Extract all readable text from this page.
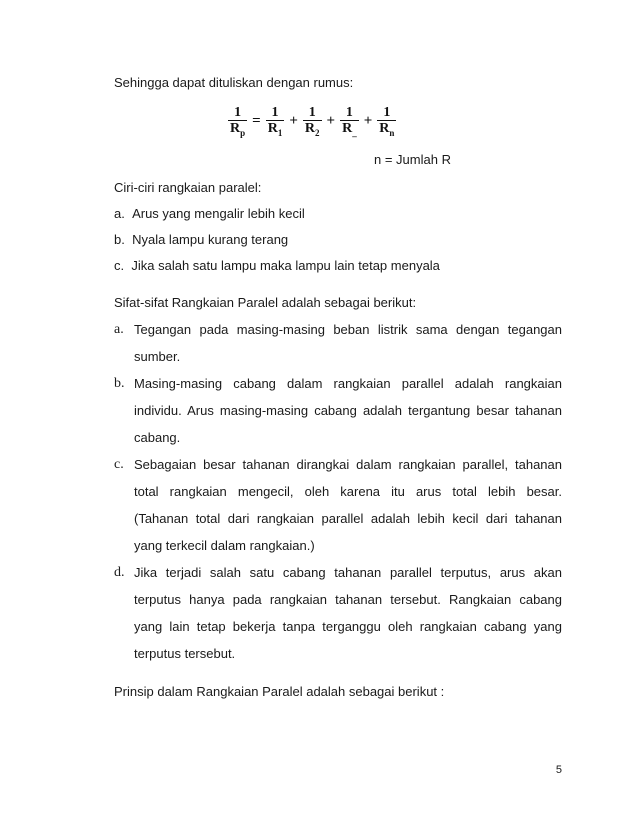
Sehingga dapat dituliskan dengan rumus:
$\frac{1}{R_p} = \frac{1}{R_1} + \frac{1}{R_2} + \frac{1}{R_{\_}} + \frac{1}{R_n}$
n = Jumlah R
Ciri-ciri rangkaian paralel:
a. Arus yang mengalir lebih kecil
b. Nyala lampu kurang terang
c. Jika salah satu lampu maka lampu lain tetap menyala
Sifat-sifat Rangkaian Paralel adalah sebagai berikut:
a. Tegangan pada masing-masing beban listrik sama dengan tegangan
sumber.
b. Masing-masing cabang dalam rangkaian parallel adalah rangkaian
individu. Arus masing-masing cabang adalah tergantung besar tahanan
cabang.
c. Sebagaian besar tahanan dirangkai dalam rangkaian parallel, tahanan
total rangkaian mengecil, oleh karena itu arus total lebih besar.
(Tahanan total dari rangkaian parallel adalah lebih kecil dari tahanan
yang terkecil dalam rangkaian.)
d. Jika terjadi salah satu cabang tahanan parallel terputus, arus akan
terputus hanya pada rangkaian tahanan tersebut. Rangkaian cabang
yang lain tetap bekerja tanpa terganggu oleh rangkaian cabang yang
terputus tersebut.
Prinsip dalam Rangkaian Paralel adalah sebagai berikut :
5
